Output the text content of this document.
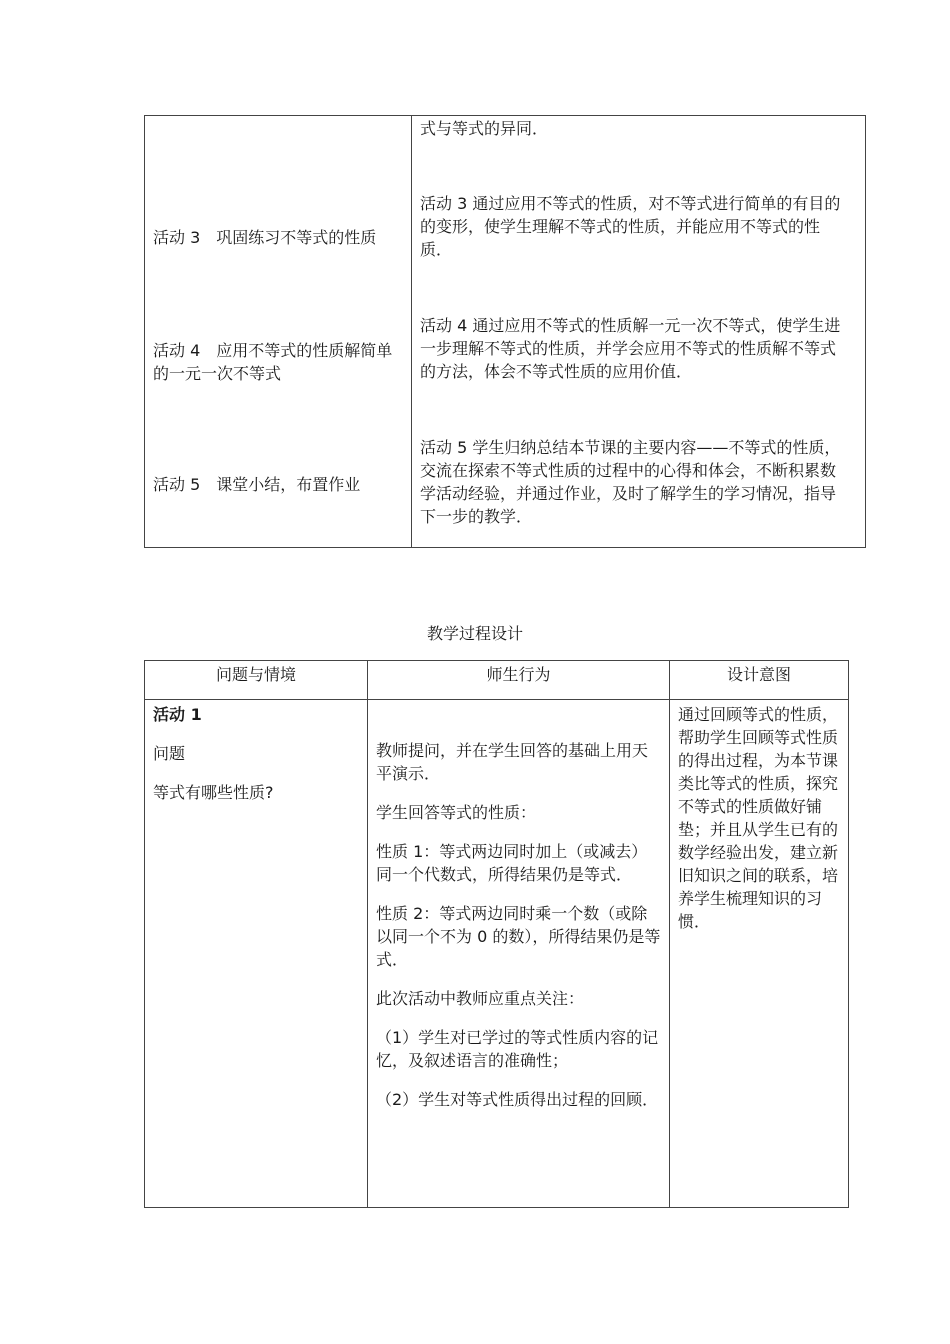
式与等式的异同．
活动 3　巩固练习不等式的性质
活动 3 通过应用不等式的性质，对不等式进行简单的有目的的变形，使学生理解不等式的性质，并能应用不等式的性质．
活动 4　应用不等式的性质解简单的一元一次不等式
活动 4 通过应用不等式的性质解一元一次不等式，使学生进一步理解不等式的性质，并学会应用不等式的性质解不等式的方法，体会不等式性质的应用价值．
活动 5　课堂小结，布置作业
活动 5 学生归纳总结本节课的主要内容——不等式的性质，交流在探索不等式性质的过程中的心得和体会，不断积累数学活动经验，并通过作业，及时了解学生的学习情况，指导下一步的教学．
教学过程设计
问题与情境	师生行为	设计意图
活动 1
问题
等式有哪些性质?

教师提问，并在学生回答的基础上用天平演示．

学生回答等式的性质：

性质 1：等式两边同时加上（或减去）同一个代数式，所得结果仍是等式．

性质 2：等式两边同时乘一个数（或除以同一个不为 0 的数），所得结果仍是等式．

此次活动中教师应重点关注：

（1）学生对已学过的等式性质内容的记忆，及叙述语言的准确性；

（2）学生对等式性质得出过程的回顾．

通过回顾等式的性质，帮助学生回顾等式性质的得出过程，为本节课类比等式的性质，探究不等式的性质做好铺垫；并且从学生已有的数学经验出发，建立新旧知识之间的联系，培养学生梳理知识的习惯．
